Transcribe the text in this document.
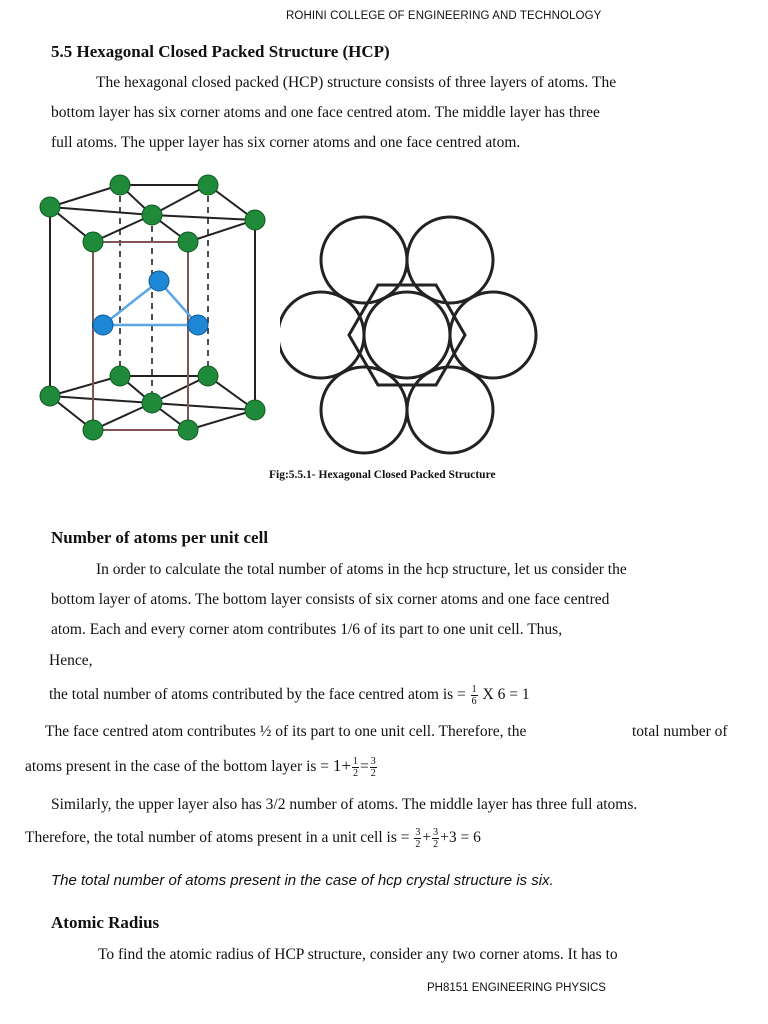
ROHINI COLLEGE OF ENGINEERING AND TECHNOLOGY
5.5 Hexagonal Closed Packed Structure (HCP)
The hexagonal closed packed (HCP) structure consists of three layers of atoms. The
bottom layer has six corner atoms and one face centred atom. The middle layer has three
full atoms. The upper layer has six corner atoms and one face centred atom.
Fig:5.5.1- Hexagonal Closed Packed Structure
Number of atoms per unit cell
In order to calculate the total number of atoms in the hcp structure, let us consider the
bottom layer of atoms. The bottom layer consists of six corner atoms and one face centred
atom. Each and every corner atom contributes 1/6 of its part to one unit cell. Thus,
Hence,
the total number of atoms contributed by the face centred atom is = $\frac{1}{6}$ X 6 = 1
The face centred atom contributes ½ of its part to one unit cell. Therefore, the	total number of
atoms present in the case of the bottom layer is = $1+ \frac{1}{2} = \frac{3}{2}$
Similarly, the upper layer also has 3/2 number of atoms. The middle layer has three full atoms.
Therefore, the total number of atoms present in a unit cell is = $\frac{3}{2} + \frac{3}{2} +3 = 6$
The total number of atoms present in the case of hcp crystal structure is six.
Atomic Radius
To find the atomic radius of HCP structure, consider any two corner atoms. It has to
PH8151 ENGINEERING PHYSICS
